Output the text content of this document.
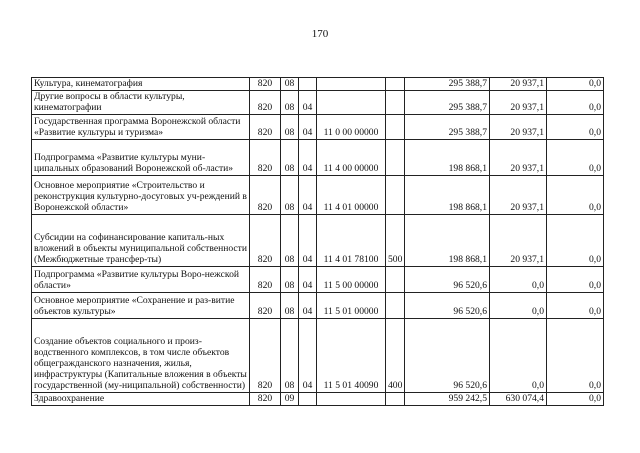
170
Культура, кинематография	820	08				295 388,7	20 937,1	0,0
Другие вопросы в области культуры, кинематографии	820	08	04			295 388,7	20 937,1	0,0
Государственная программа Воронежской области «Развитие культуры и туризма»	820	08	04	11 0 00 00000		295 388,7	20 937,1	0,0
Подпрограмма «Развитие культуры муни-ципальных образований Воронежской об-ласти»	820	08	04	11 4 00 00000		198 868,1	20 937,1	0,0
Основное мероприятие «Строительство и реконструкция культурно-досуговых уч-реждений в Воронежской области»	820	08	04	11 4 01 00000		198 868,1	20 937,1	0,0
Субсидии на софинансирование капиталь-ных вложений в объекты муниципальной собственности (Межбюджетные трансфер-ты)	820	08	04	11 4 01 78100	500	198 868,1	20 937,1	0,0
Подпрограмма «Развитие культуры Воро-нежской области»	820	08	04	11 5 00 00000		96 520,6	0,0	0,0
Основное мероприятие «Сохранение и раз-витие объектов культуры»	820	08	04	11 5 01 00000		96 520,6	0,0	0,0
Создание объектов социального и произ-водственного комплексов, в том числе объектов общегражданского назначения, жилья, инфраструктуры (Капитальные вложения в объекты государственной (му-ниципальной) собственности)	820	08	04	11 5 01 40090	400	96 520,6	0,0	0,0
Здравоохранение	820	09				959 242,5	630 074,4	0,0
